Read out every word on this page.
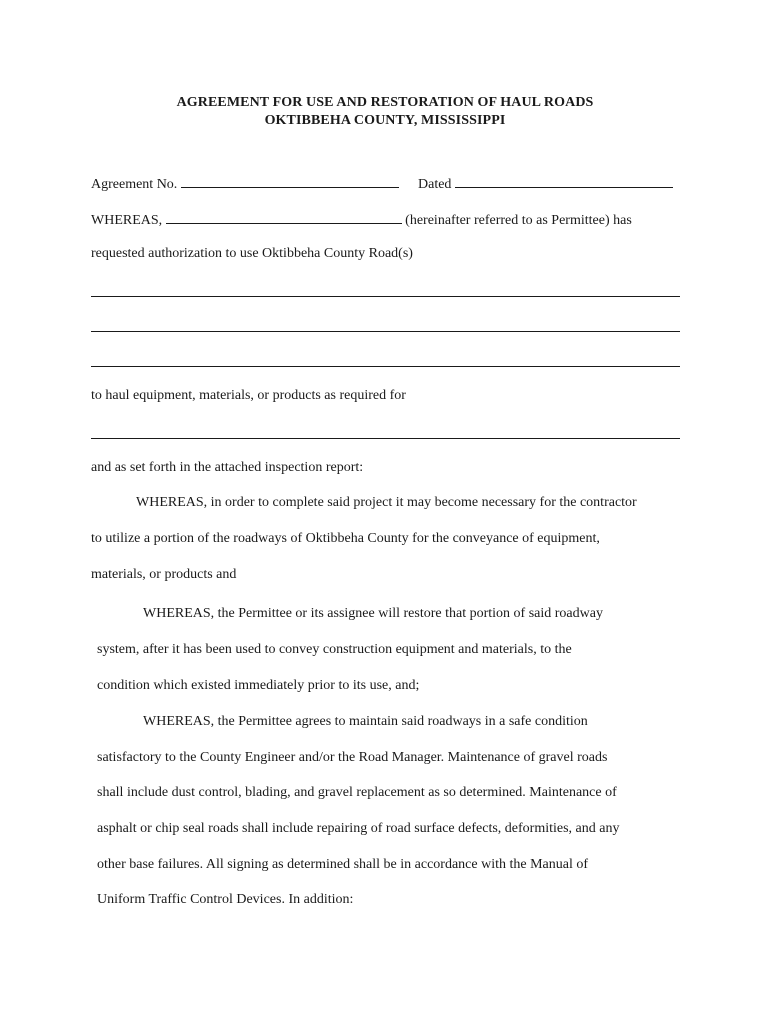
AGREEMENT FOR USE AND RESTORATION OF HAUL ROADS
OKTIBBEHA COUNTY, MISSISSIPPI
Agreement No.	Dated
WHEREAS,	(hereinafter referred to as Permittee) has
requested authorization to use Oktibbeha County Road(s)
to haul equipment, materials, or products as required for
and as set forth in the attached inspection report:
WHEREAS, in order to complete said project it may become necessary for the contractor
to utilize a portion of the roadways of Oktibbeha County for the conveyance of equipment,
materials, or products and
WHEREAS, the Permittee or its assignee will restore that portion of said roadway
system, after it has been used to convey construction equipment and materials, to the
condition which existed immediately prior to its use, and;
WHEREAS, the Permittee agrees to maintain said roadways in a safe condition
satisfactory to the County Engineer and/or the Road Manager. Maintenance of gravel roads
shall include dust control, blading, and gravel replacement as so determined. Maintenance of
asphalt or chip seal roads shall include repairing of road surface defects, deformities, and any
other base failures. All signing as determined shall be in accordance with the Manual of
Uniform Traffic Control Devices. In addition:
